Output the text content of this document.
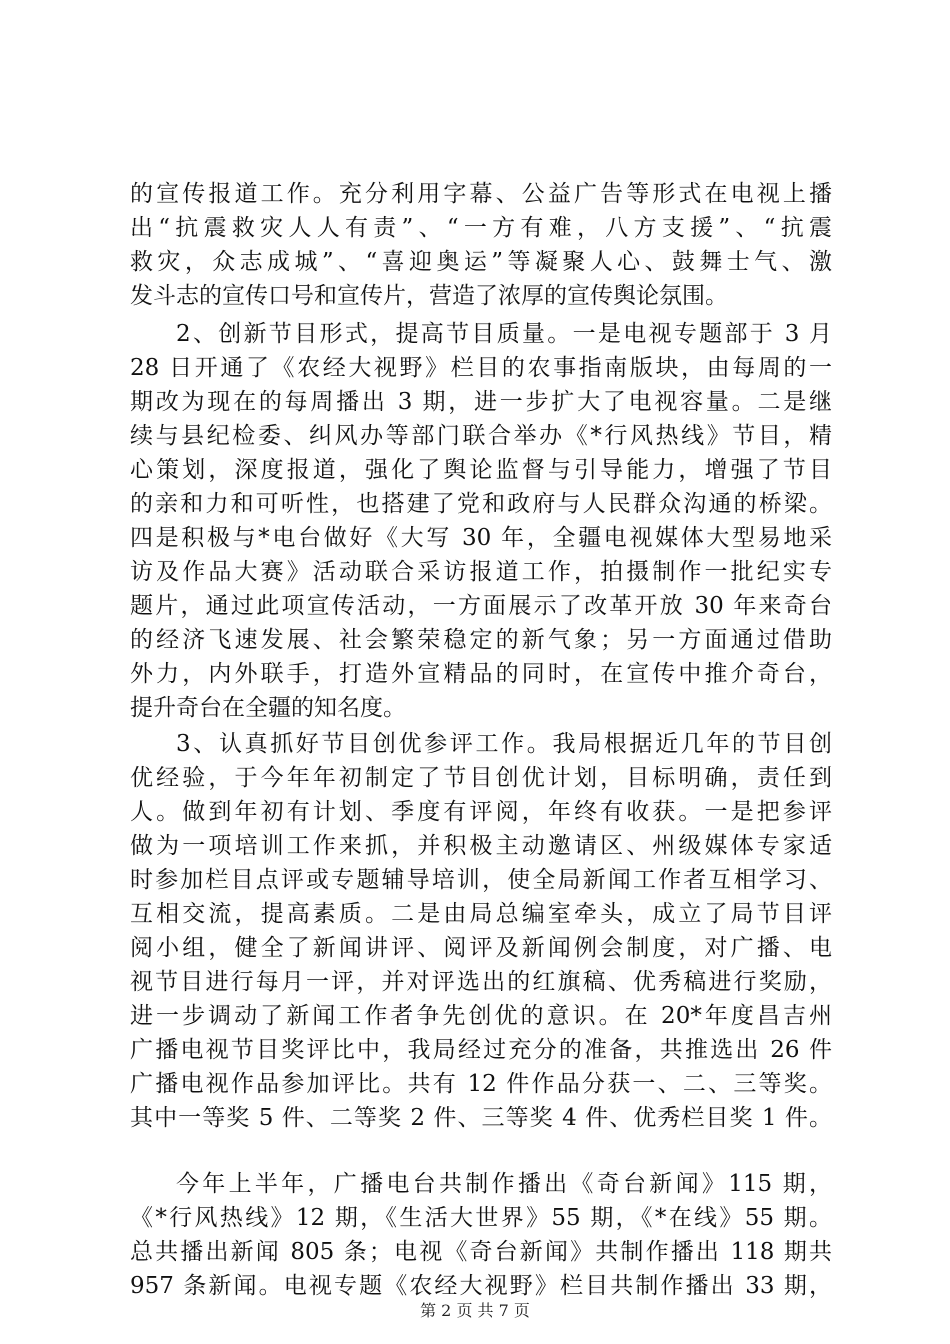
的宣传报道工作。充分利用字幕、公益广告等形式在电视上播
出“抗震救灾人人有责”、“一方有难，八方支援”、“抗震
救灾，众志成城”、“喜迎奥运”等凝聚人心、鼓舞士气、激
发斗志的宣传口号和宣传片，营造了浓厚的宣传舆论氛围。
2、创新节目形式，提高节目质量。一是电视专题部于 3 月
28 日开通了《农经大视野》栏目的农事指南版块，由每周的一
期改为现在的每周播出 3 期，进一步扩大了电视容量。二是继
续与县纪检委、纠风办等部门联合举办《*行风热线》节目，精
心策划，深度报道，强化了舆论监督与引导能力，增强了节目
的亲和力和可听性，也搭建了党和政府与人民群众沟通的桥梁。
四是积极与*电台做好《大写 30 年，全疆电视媒体大型易地采
访及作品大赛》活动联合采访报道工作，拍摄制作一批纪实专
题片，通过此项宣传活动，一方面展示了改革开放 30 年来奇台
的经济飞速发展、社会繁荣稳定的新气象；另一方面通过借助
外力，内外联手，打造外宣精品的同时，在宣传中推介奇台，
提升奇台在全疆的知名度。
3、认真抓好节目创优参评工作。我局根据近几年的节目创
优经验，于今年年初制定了节目创优计划，目标明确，责任到
人。做到年初有计划、季度有评阅，年终有收获。一是把参评
做为一项培训工作来抓，并积极主动邀请区、州级媒体专家适
时参加栏目点评或专题辅导培训，使全局新闻工作者互相学习、
互相交流，提高素质。二是由局总编室牵头，成立了局节目评
阅小组，健全了新闻讲评、阅评及新闻例会制度，对广播、电
视节目进行每月一评，并对评选出的红旗稿、优秀稿进行奖励，
进一步调动了新闻工作者争先创优的意识。在 20*年度昌吉州
广播电视节目奖评比中，我局经过充分的准备，共推选出 26 件
广播电视作品参加评比。共有 12 件作品分获一、二、三等奖。
其中一等奖 5 件、二等奖 2 件、三等奖 4 件、优秀栏目奖 1 件。
今年上半年，广播电台共制作播出《奇台新闻》115 期，
《*行风热线》12 期，《生活大世界》55 期，《*在线》55 期。
总共播出新闻 805 条；电视《奇台新闻》共制作播出 118 期共
957 条新闻。电视专题《农经大视野》栏目共制作播出 33 期，
第 2 页 共 7 页
